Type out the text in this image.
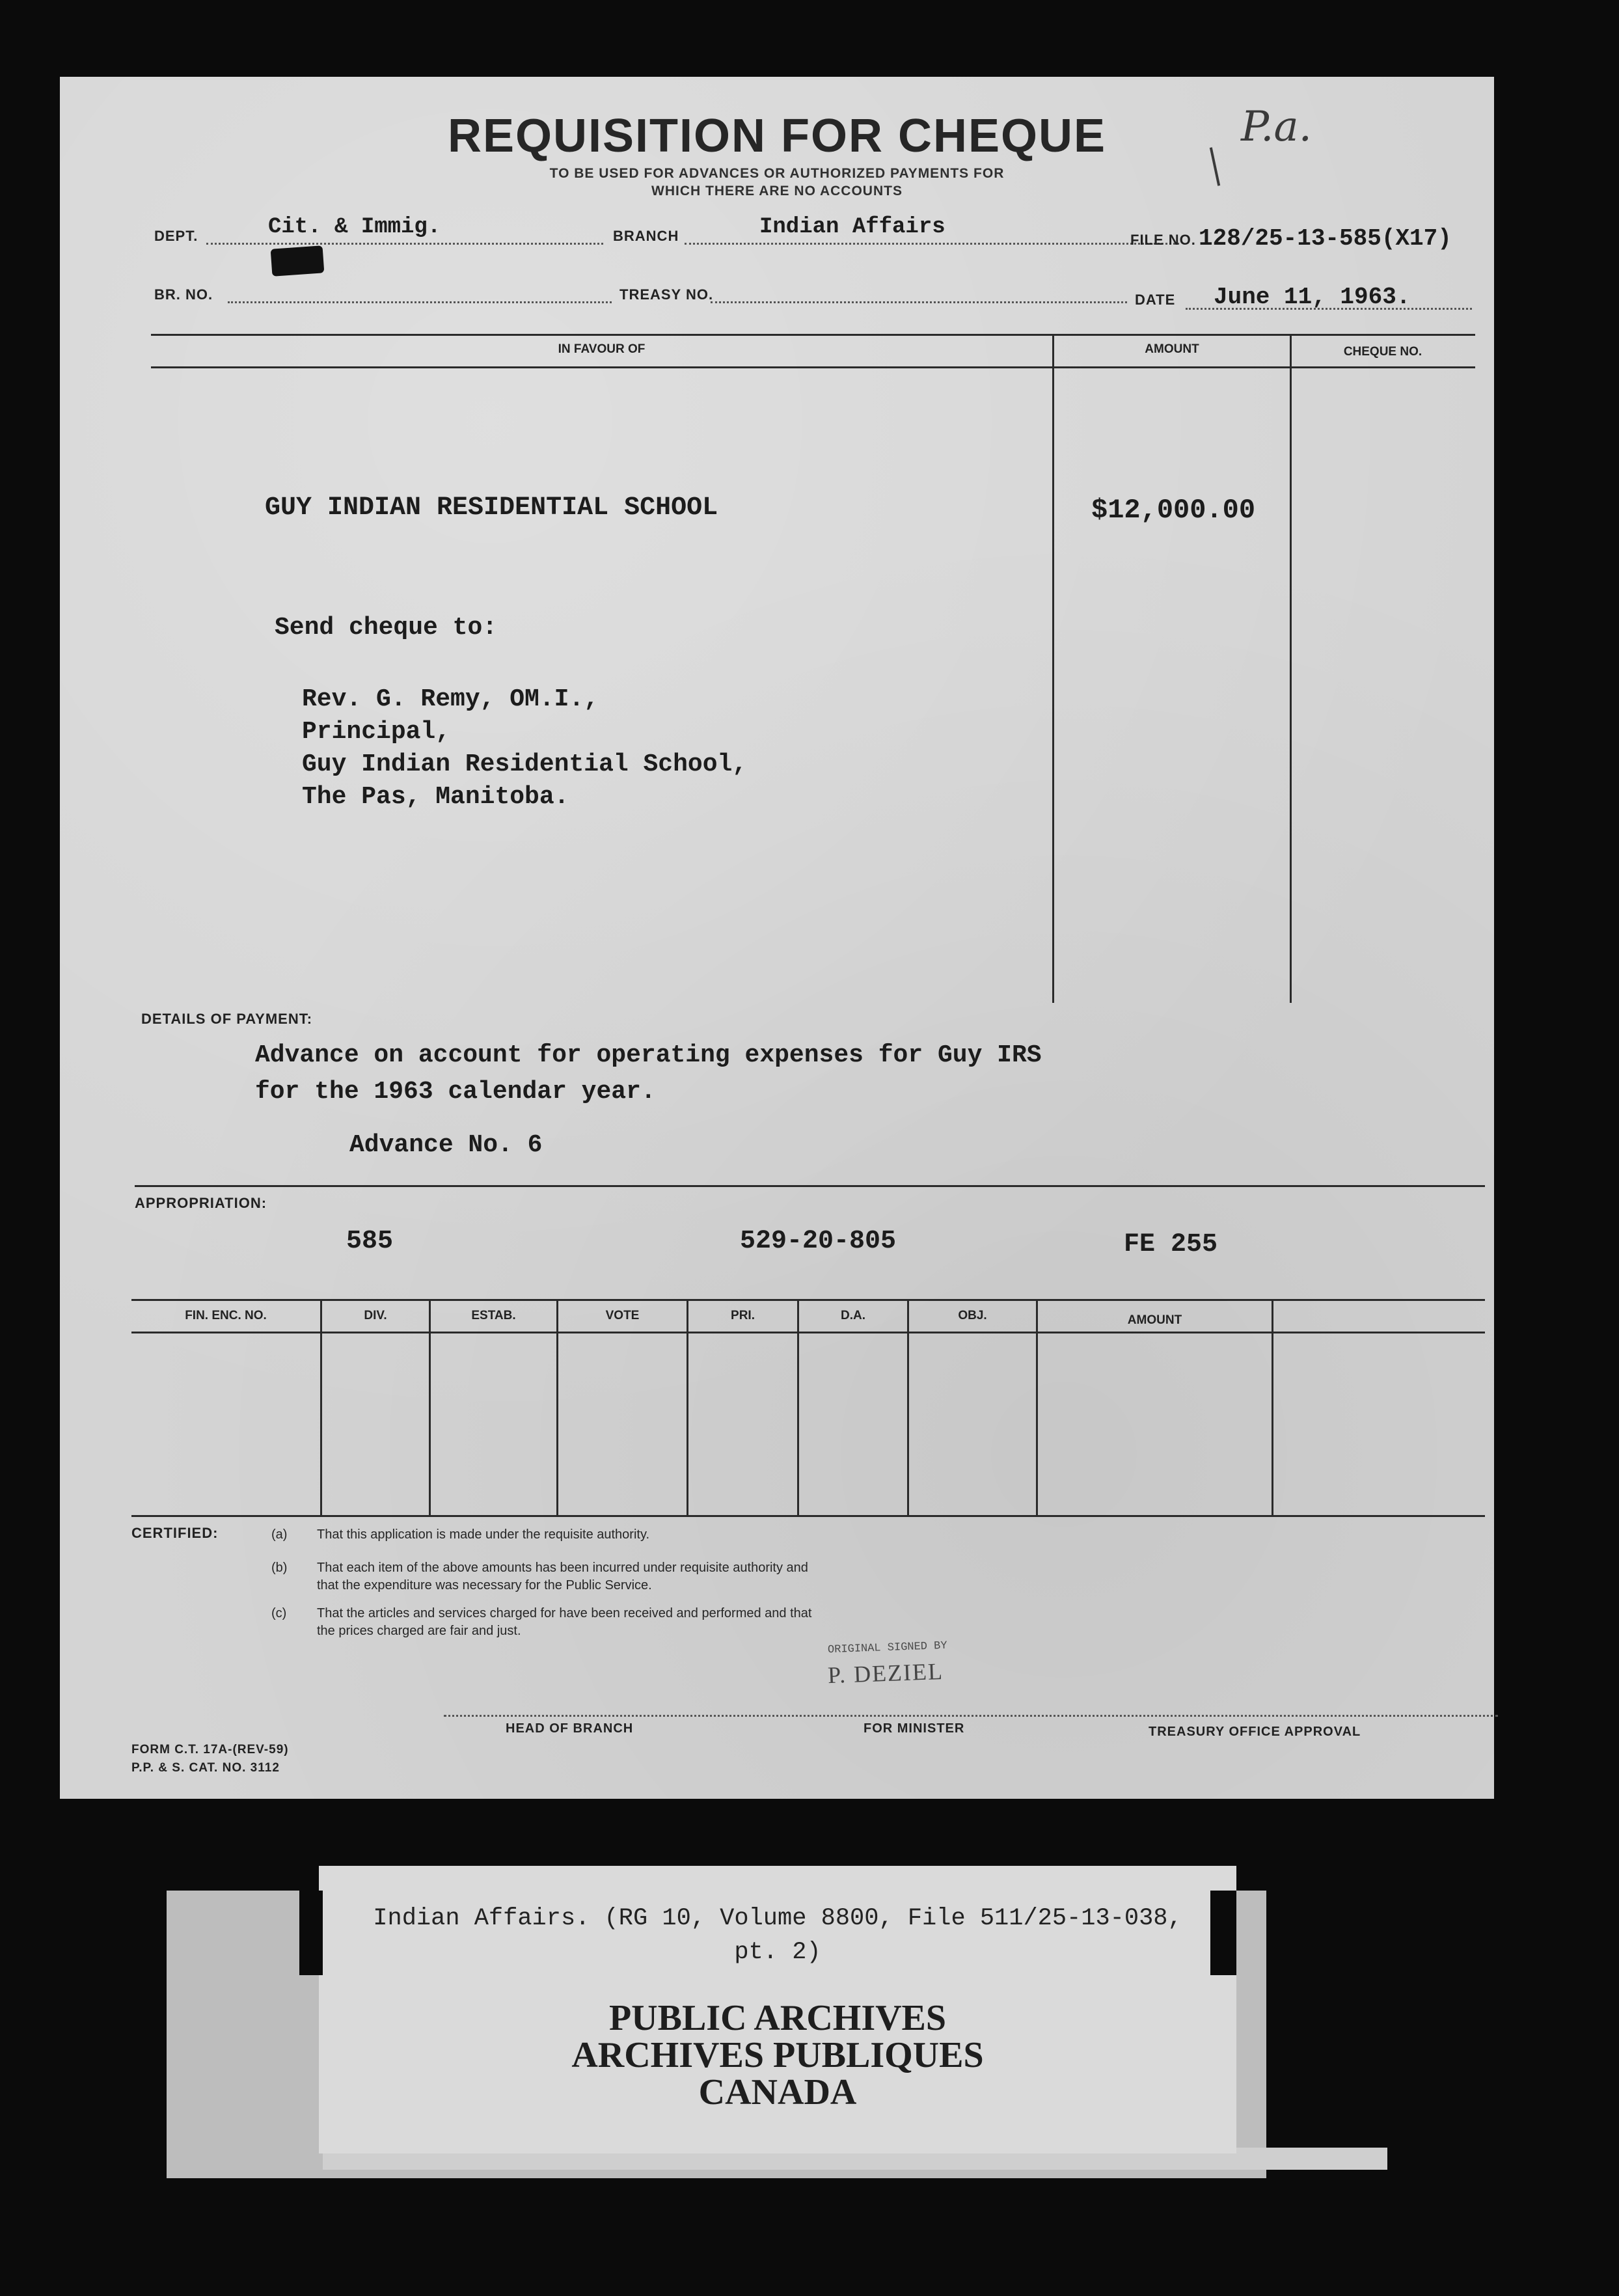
REQUISITION FOR CHEQUE	P.a.
TO BE USED FOR ADVANCES OR AUTHORIZED PAYMENTS FOR
WHICH THERE ARE NO ACCOUNTS
DEPT.	Cit. & Immig.	BRANCH	Indian Affairs
FILE NO. 128/25-13-585(X17)
BR. NO.	TREASY NO.	DATE June 11, 1963.
IN FAVOUR OF	AMOUNT	CHEQUE NO.
GUY INDIAN RESIDENTIAL SCHOOL	$12,000.00
Send cheque to:
Rev. G. Remy, OM.I.,
Principal,
Guy Indian Residential School,
The Pas, Manitoba.
DETAILS OF PAYMENT:
Advance on account for operating expenses for Guy IRS
for the 1963 calendar year.
Advance No. 6
APPROPRIATION:
585	529-20-805	FE 255
FIN. ENC. NO.	DIV.	ESTAB.	VOTE	PRI.	D.A.	OBJ.	AMOUNT
CERTIFIED:	(a) That this application is made under the requisite authority.
(b) That each item of the above amounts has been incurred under requisite authority and
that the expenditure was necessary for the Public Service.
(c) That the articles and services charged for have been received and performed and that
the prices charged are fair and just.
ORIGINAL SIGNED BY
P. DEZIEL
HEAD OF BRANCH	FOR MINISTER	TREASURY OFFICE APPROVAL
FORM C.T. 17A-(REV-59)
P.P. & S. CAT. NO. 3112
Indian Affairs. (RG 10, Volume 8800, File 511/25-13-038,
pt. 2)
PUBLIC ARCHIVES
ARCHIVES PUBLIQUES
CANADA
